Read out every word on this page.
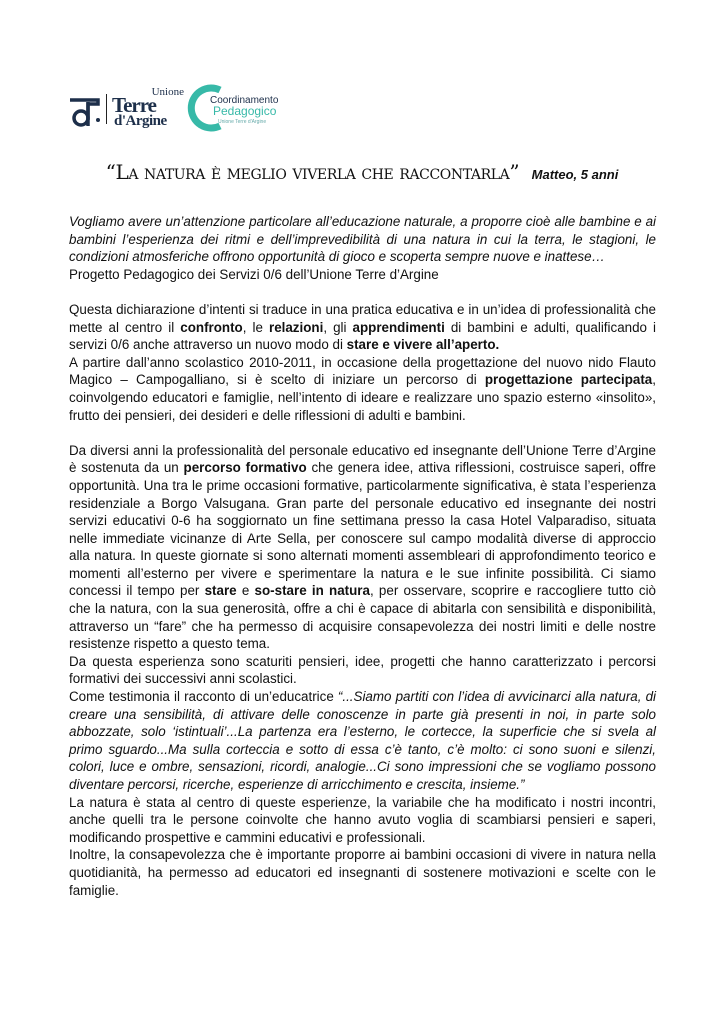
Unione
Terre
d'Argine
Coordinamento
Pedagogico
Unione Terre d'Argine
“La natura è meglio viverla che raccontarla” Matteo, 5 anni

Vogliamo avere un’attenzione particolare all’educazione naturale, a proporre cioè alle bambine e ai bambini l’esperienza dei ritmi e dell’imprevedibilità di una natura in cui la terra, le stagioni, le condizioni atmosferiche offrono opportunità di gioco e scoperta sempre nuove e inattese…

Progetto Pedagogico dei Servizi 0/6 dell’Unione Terre d’Argine

Questa dichiarazione d’intenti si traduce in una pratica educativa e in un’idea di professionalità che mette al centro il confronto, le relazioni, gli apprendimenti di bambini e adulti, qualificando i servizi 0/6 anche attraverso un nuovo modo di stare e vivere all’aperto.

A partire dall’anno scolastico 2010-2011, in occasione della progettazione del nuovo nido Flauto Magico – Campogalliano, si è scelto di iniziare un percorso di progettazione partecipata, coinvolgendo educatori e famiglie, nell’intento di ideare e realizzare uno spazio esterno «insolito», frutto dei pensieri, dei desideri e delle riflessioni di adulti e bambini.

Da diversi anni la professionalità del personale educativo ed insegnante dell’Unione Terre d’Argine è sostenuta da un percorso formativo che genera idee, attiva riflessioni, costruisce saperi, offre opportunità. Una tra le prime occasioni formative, particolarmente significativa, è stata l’esperienza residenziale a Borgo Valsugana. Gran parte del personale educativo ed insegnante dei nostri servizi educativi 0-6 ha soggiornato un fine settimana presso la casa Hotel Valparadiso, situata nelle immediate vicinanze di Arte Sella, per conoscere sul campo modalità diverse di approccio alla natura. In queste giornate si sono alternati momenti assembleari di approfondimento teorico e momenti all’esterno per vivere e sperimentare la natura e le sue infinite possibilità. Ci siamo concessi il tempo per stare e so-stare in natura, per osservare, scoprire e raccogliere tutto ciò che la natura, con la sua generosità, offre a chi è capace di abitarla con sensibilità e disponibilità, attraverso un “fare” che ha permesso di acquisire consapevolezza dei nostri limiti e delle nostre resistenze rispetto a questo tema.

Da questa esperienza sono scaturiti pensieri, idee, progetti che hanno caratterizzato i percorsi formativi dei successivi anni scolastici.

Come testimonia il racconto di un’educatrice “...Siamo partiti con l’idea di avvicinarci alla natura, di creare una sensibilità, di attivare delle conoscenze in parte già presenti in noi, in parte solo abbozzate, solo ‘istintuali’...La partenza era l’esterno, le cortecce, la superficie che si svela al primo sguardo...Ma sulla corteccia e sotto di essa c’è tanto, c’è molto: ci sono suoni e silenzi, colori, luce e ombre, sensazioni, ricordi, analogie...Ci sono impressioni che se vogliamo possono diventare percorsi, ricerche, esperienze di arricchimento e crescita, insieme.”

La natura è stata al centro di queste esperienze, la variabile che ha modificato i nostri incontri, anche quelli tra le persone coinvolte che hanno avuto voglia di scambiarsi pensieri e saperi, modificando prospettive e cammini educativi e professionali.

Inoltre, la consapevolezza che è importante proporre ai bambini occasioni di vivere in natura nella quotidianità, ha permesso ad educatori ed insegnanti di sostenere motivazioni e scelte con le famiglie.
